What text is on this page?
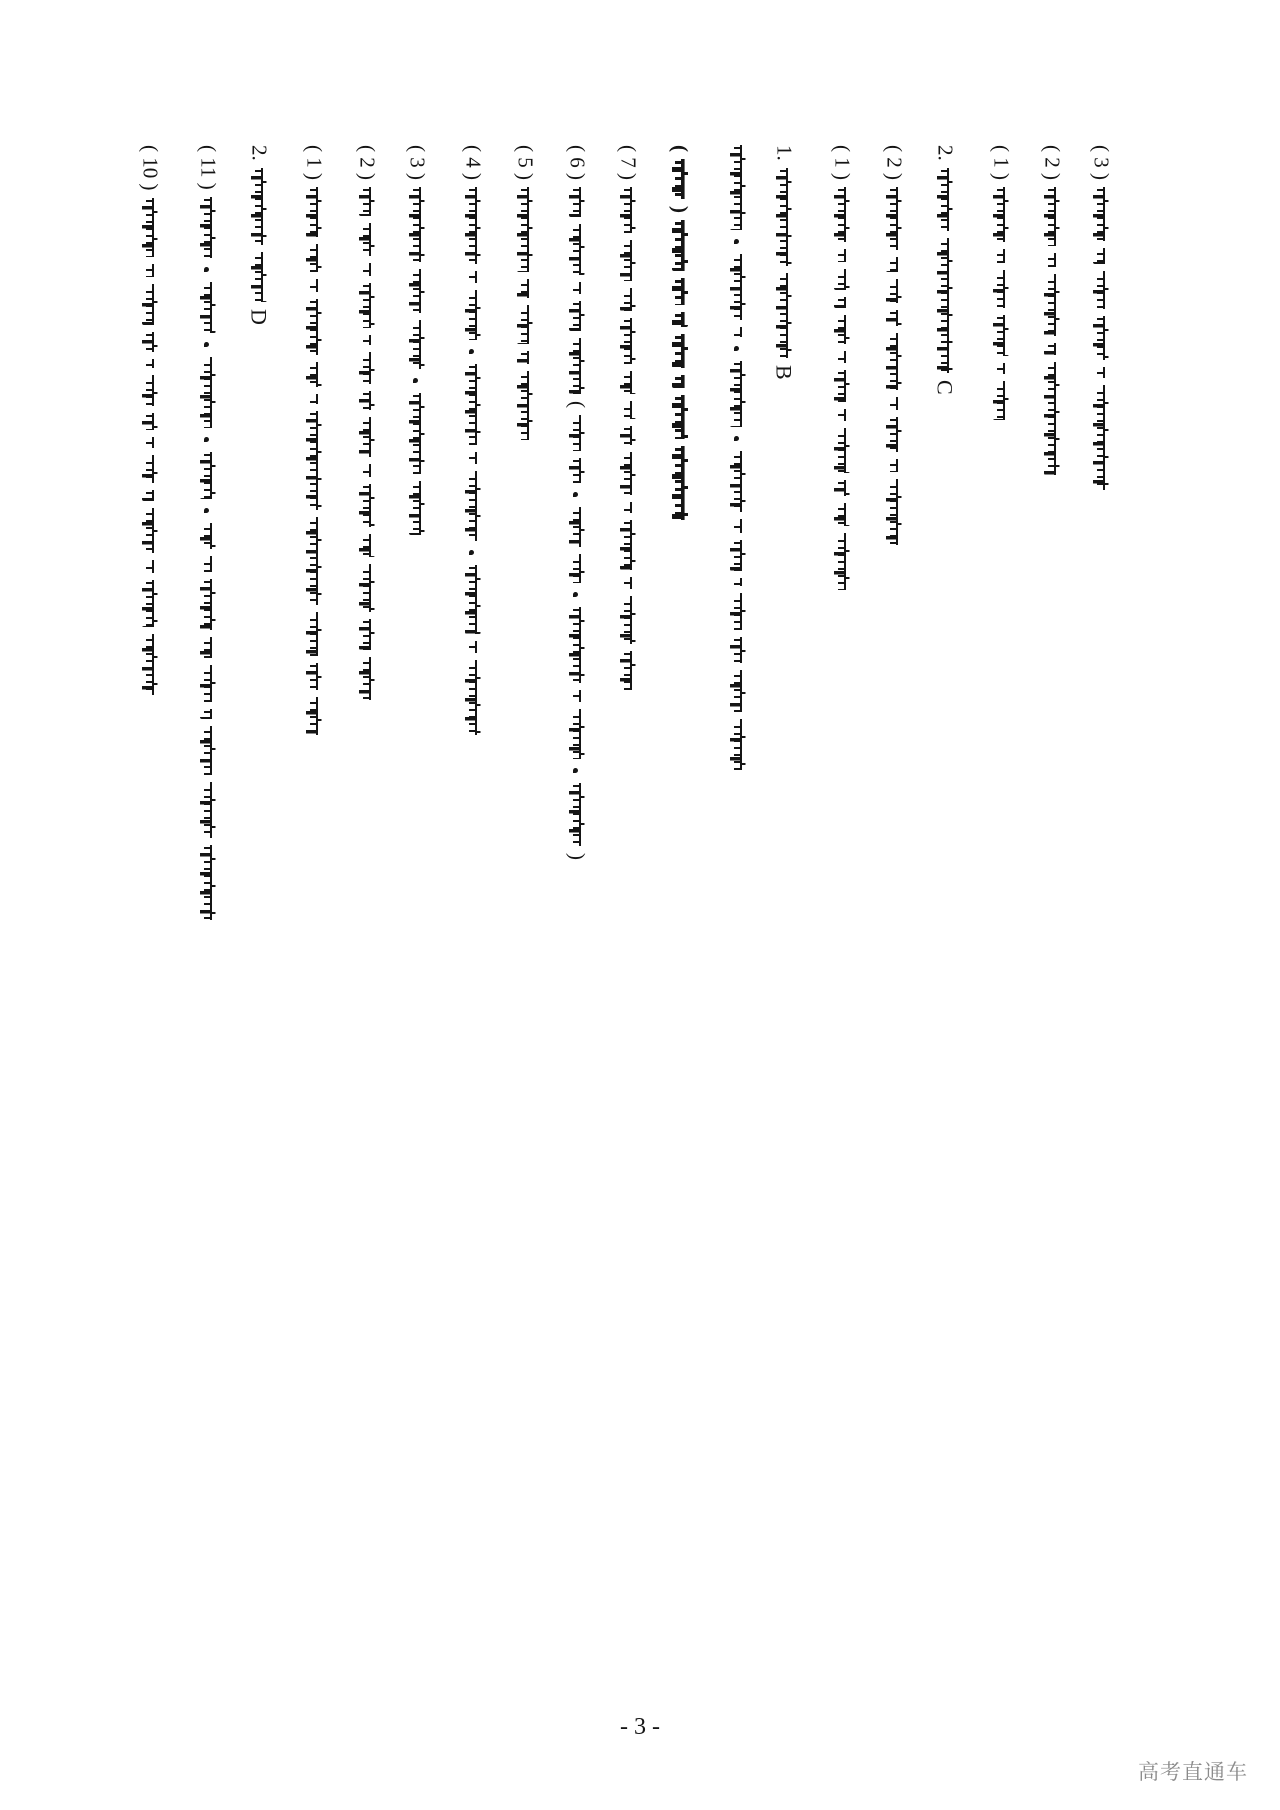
( 10 ) ( 11 ) 2.
D
( 1 ) ( 2 ) ( 3 ) ( 4 ) ( 5 ) ( 6 )
(
)
( 7 ) (
)
1.
B
( 1 ) ( 2 ) 2.
C
( 1 ) ( 2 ) ( 3 )
- 3 -
高考直通车
